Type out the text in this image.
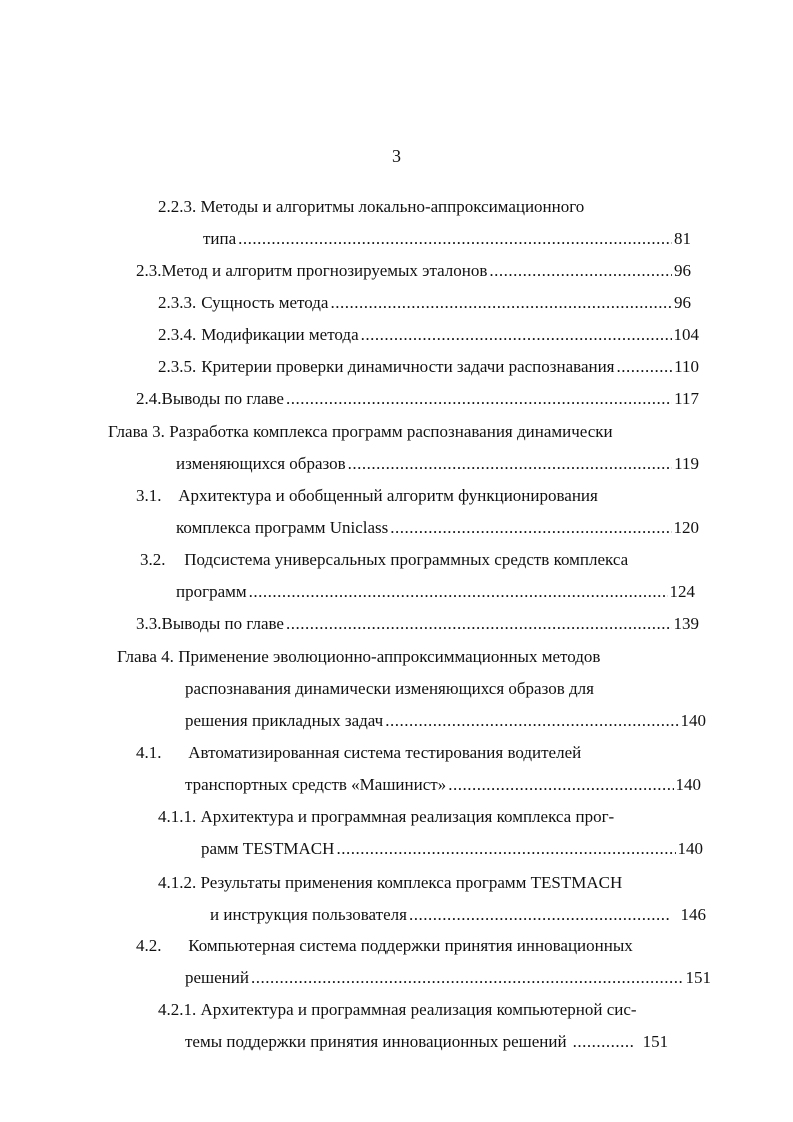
3
2.2.3. Методы и алгоритмы локально-аппроксимационного
типа .....	81
2.3. Метод и алгоритм прогнозируемых эталонов .....	96
2.3.3. Сущность метода .....	96
2.3.4. Модификации метода .....	104
2.3.5. Критерии проверки динамичности задачи распознавания .....	110
2.4. Выводы по главе .....	117
Глава 3. Разработка комплекса программ распознавания динамически
изменяющихся образов .....	119
3.1. Архитектура и обобщенный алгоритм функционирования
комплекса программ Uniclass .....	120
3.2. Подсистема универсальных программных средств комплекса
программ .....	124
3.3. Выводы по главе .....	139
Глава 4. Применение эволюционно-аппроксиммационных методов
распознавания динамически изменяющихся образов для
решения прикладных задач .....	140
4.1. Автоматизированная система тестирования водителей
транспортных средств «Машинист» .....	140
4.1.1. Архитектура и программная реализация комплекса прог-
рамм TESTMACH .....	140
4.1.2. Результаты применения комплекса программ TESTMACH
и инструкция пользователя .....	146
4.2. Компьютерная система поддержки принятия инновационных
решений .....	151
4.2.1. Архитектура и программная реализация компьютерной сис-
темы поддержки принятия инновационных решений .....	151
